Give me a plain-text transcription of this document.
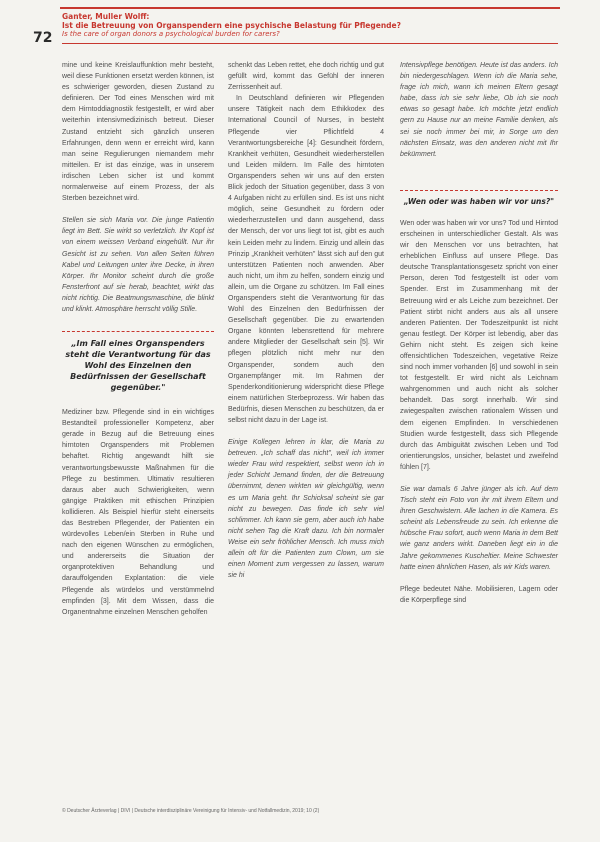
72
Ganter, Muller Wolff:
Ist die Betreuung von Organspendern eine psychische Belastung für Pflegende?
Is the care of organ donors a psychological burden for carers?

mine und keine Kreislauffunktion mehr besteht, weil diese Funktionen ersetzt werden können, ist es schwieriger geworden, diesen Zustand zu definieren. Der Tod eines Menschen wird mit dem Hirntoddiagnostik festgestellt, er wird aber weiterhin intensivmedizinisch betreut. Dieser Zustand entzieht sich gänzlich unseren Erfahrungen, denn wenn er erreicht wird, kann man seine Regulierungen niemandem mehr mitteilen. Er ist das einzige, was in unserem irdischen Leben sicher ist und kommt normalerweise auf einem Prozess, der als Sterben bezeichnet wird.

Stellen sie sich Maria vor. Die junge Patientin liegt im Bett. Sie wirkt so verletzlich. Ihr Kopf ist von einem weissen Verband eingehüllt. Nur ihr Gesicht ist zu sehen. Von allen Seiten führen Kabel und Leitungen unter ihre Decke, in ihren Körper. Ihr Monitor scheint durch die große Fensterfront auf sie herab, beachtet, wirkt das nicht richtig. Die Beatmungsmaschine, die blinkt und klinkt. Atmosphäre herrscht völlig Stille.

„Im Fall eines Organspenders steht die Verantwortung für das Wohl des Einzelnen den Bedürfnissen der Gesellschaft gegenüber."

Mediziner bzw. Pflegende sind in ein wichtiges Bestandteil professioneller Kompetenz, aber gerade in Bezug auf die Betreuung eines hirntoten Organspenders mit Problemen behaftet. Richtig angewandt hilft sie verantwortungsbewusste Maßnahmen für die Pflege zu bestimmen. Ultimativ resultieren daraus aber auch Schwierigkeiten, wenn gängige Praktiken mit ethischen Prinzipien kollidieren. Als Beispiel hierfür steht einerseits das Bestreben Pflegender, der Patienten ein würdevolles Leben/ein Sterben in Ruhe und nach den eigenen Wünschen zu ermöglichen, und andererseits die Situation der organprotektiven Behandlung und darauffolgenden Explantation: die viele Pflegende als würdelos und verstümmelnd empfinden [3]. Mit dem Wissen, dass die Organentnahme einzelnen Menschen geholfen

schenkt das Leben rettet, ehe doch richtig und gut gefüllt wird, kommt das Gefühl der inneren Zerrissenheit auf.

In Deutschland definieren wir Pflegenden unsere Tätigkeit nach dem Ethikkodex des International Council of Nurses, in besteht Pflegende vier Pflichtfeld 4 Verantwortungsbereiche [4]: Gesundheit fördern, Krankheit verhüten, Gesundheit wiederherstellen und Leiden mildern. Im Falle des hirntoten Organspenders sehen wir uns auf den ersten Blick jedoch der Situation gegenüber, dass 3 von 4 Aufgaben nicht zu erfüllen sind. Es ist uns nicht möglich, seine Gesundheit zu fördern oder wiederherzustellen und dann ausgehend, dass der Mensch, der vor uns liegt tot ist, gibt es auch kein Leiden mehr zu lindern. Einzig und allein das Prinzip „Krankheit verhüten" lässt sich auf den gut unterstützen Patienten noch anwenden. Aber auch nicht, um ihm zu helfen, sondern einzig und allein, um die Organe zu schützen. Im Fall eines Organspenders steht die Verantwortung für das Wohl des Einzelnen den Bedürfnissen der Gesellschaft gegenüber. Die zu erwartenden Organe könnten lebensrettend für mehrere andere Mitglieder der Gesellschaft sein [5]. Wir pflegen plötzlich nicht mehr nur den Organspender, sondern auch den Organempfänger mit. Im Rahmen der Spenderkonditionierung widerspricht diese Pflege einem natürlichen Sterbeprozess. Wir haben das Bedürfnis, diesen Menschen zu beschützen, da er selbst nicht dazu in der Lage ist.

Einige Kollegen lehren in klar, die Maria zu betreuen. „Ich schaff das nicht", weil ich immer wieder Frau wird respektiert, selbst wenn ich in jeder Schicht Jemand finden, der die Betreuung übernimmt, denen wirkten wir gleichgültig, wenn es um Maria geht. Ihr Schicksal scheint sie gar nicht zu bewegen. Das finde ich sehr viel schlimmer. Ich kann sie gern, aber auch ich habe nicht sehen Tag die Kraft dazu. Ich bin normaler Weise ein sehr fröhlicher Mensch. Ich muss mich allein oft für die Patienten zum Clown, um sie einen Moment zum vergessen zu lassen, warum sie hi

Intensivpflege benötigen. Heute ist das anders. Ich bin niedergeschlagen. Wenn ich die Maria sehe, frage ich mich, wann ich meinen Eltern gesagt habe, dass ich sie sehr liebe, Ob ich sie noch etwas so gesagt habe. Ich möchte jetzt endlich gern zu Hause nur an meine Familie denken, als sei sie noch immer bei mir, in Sorge um den nächsten Einsatz, was den anderen nicht mit Ihr bekümmert.

„Wen oder was haben wir vor uns?"

Wen oder was haben wir vor uns? Tod und Hirntod erscheinen in unterschiedlicher Gestalt. Als was wir den Menschen vor uns betrachten, hat erheblichen Einfluss auf unsere Pflege. Das deutsche Transplantationsgesetz spricht von einer Person, deren Tod festgestellt ist oder vom Spender. Erst im Zusammenhang mit der Betreuung wird er als Leiche zum bezeichnet. Der Patient stirbt nicht anders aus als all unsere anderen Patienten. Der Todeszeitpunkt ist nicht genau festlegt. Der Körper ist lebendig, aber das Gehirn nicht steht. Es zeigen sich keine offensichtlichen Todeszeichen, vegetative Reize sind noch immer vorhanden [6] und sowohl in sein tot festgestellt. Er wird nicht als Leichnam wahrgenommen und auch nicht als solcher behandelt. Das sorgt innerhalb. Wir sind zwiegespalten zwischen rationalem Wissen und dem eigenen Empfinden. In verschiedenen Studien wurde festgestellt, dass sich Pflegende durch das Ambiguität zwischen Leben und Tod orientierungslos, unsicher, belastet und zweifelnd fühlen [7].

Sie war damals 6 Jahre jünger als ich. Auf dem Tisch steht ein Foto von ihr mit ihrem Eltern und ihren Geschwistern. Alle lachen in die Kamera. Es scheint als Lebensfreude zu sein. Ich erkenne die hübsche Frau sofort, auch wenn Maria in dem Bett wie ganz anders wirkt. Daneben liegt ein in die Jahre gekommenes Kuscheltier. Meine Schwester hatte einen ähnlichen Hasen, als wir Kids waren.

Pflege bedeutet Nähe. Mobilisieren, Lagern oder die Körperpflege sind

© Deutscher Ärzteverlag | DIVI | Deutsche interdisziplinäre Vereinigung für Intensiv- und Notfallmedizin, 2019; 10 (2)
